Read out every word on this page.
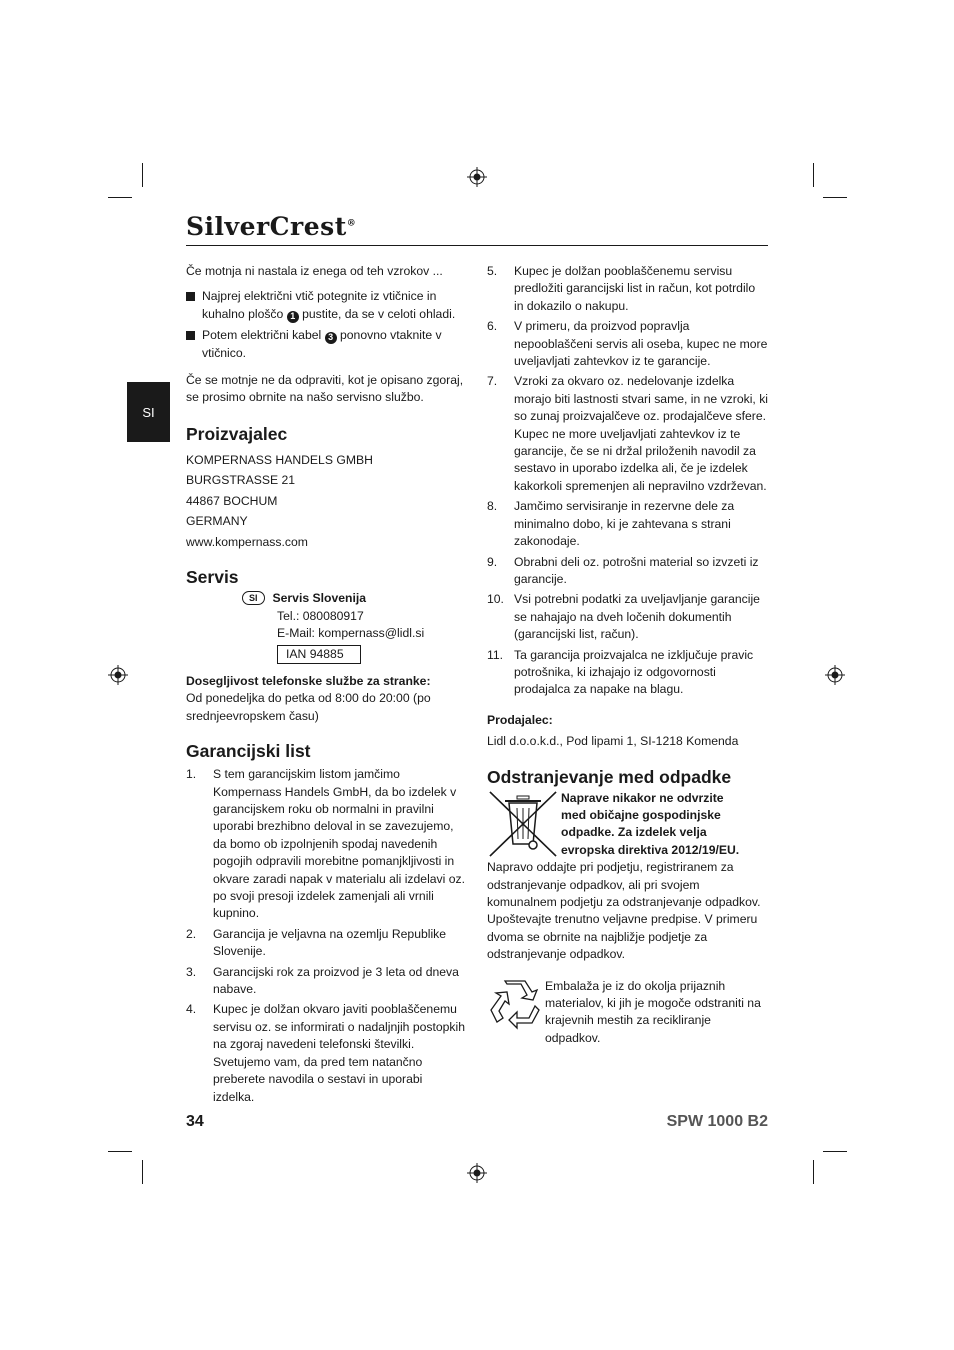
SilverCrest®
SI

Če motnja ni nastala iz enega od teh vzrokov ...

Najprej električni vtič potegnite iz vtičnice in kuhalno ploščo 1 pustite, da se v celoti ohladi.
Potem električni kabel 3 ponovno vtaknite v vtičnico.

Če se motnje ne da odpraviti, kot je opisano zgoraj, se prosimo obrnite na našo servisno službo.

Proizvajalec

KOMPERNASS HANDELS GMBH

BURGSTRASSE 21

44867 BOCHUM

GERMANY

www.kompernass.com

Servis

SI Servis Slovenija

Tel.: 080080917

E-Mail: kompernass@lidl.si

IAN 94885

Dosegljivost telefonske službe za stranke:

Od ponedeljka do petka od 8:00 do 20:00 (po srednjeevropskem času)

Garancijski list
1. S tem garancijskim listom jamčimo Kompernass Handels GmbH, da bo izdelek v garancijskem roku ob normalni in pravilni uporabi brezhibno deloval in se zavezujemo, da bomo ob izpolnjenih spodaj navedenih pogojih odpravili morebitne pomanjkljivosti in okvare zaradi napak v materialu ali izdelavi oz. po svoji presoji izdelek zamenjali ali vrnili kupnino.
2. Garancija je veljavna na ozemlju Republike Slovenije.
3. Garancijski rok za proizvod je 3 leta od dneva nabave.
4. Kupec je dolžan okvaro javiti pooblaščenemu servisu oz. se informirati o nadaljnjih postopkih na zgoraj navedeni telefonski številki. Svetujemo vam, da pred tem natančno preberete navodila o sestavi in uporabi izdelka.
5. Kupec je dolžan pooblaščenemu servisu predložiti garancijski list in račun, kot potrdilo in dokazilo o nakupu.
6. V primeru, da proizvod popravlja nepooblaščeni servis ali oseba, kupec ne more uveljavljati zahtevkov iz te garancije.
7. Vzroki za okvaro oz. nedelovanje izdelka morajo biti lastnosti stvari same, in ne vzroki, ki so zunaj proizvajalčeve oz. prodajalčeve sfere. Kupec ne more uveljavljati zahtevkov iz te garancije, če se ni držal priloženih navodil za sestavo in uporabo izdelka ali, če je izdelek kakorkoli spremenjen ali nepravilno vzdrževan.
8. Jamčimo servisiranje in rezervne dele za minimalno dobo, ki je zahtevana s strani zakonodaje.
9. Obrabni deli oz. potrošni material so izvzeti iz garancije.
10. Vsi potrebni podatki za uveljavljanje garancije se nahajajo na dveh ločenih dokumentih (garancijski list, račun).
11. Ta garancija proizvajalca ne izključuje pravic potrošnika, ki izhajajo iz odgovornosti prodajalca za napake na blagu.

Prodajalec:

Lidl d.o.o.k.d., Pod lipami 1, SI-1218 Komenda

Odstranjevanje med odpadke

Naprave nikakor ne odvrzite med običajne gospodinjske odpadke. Za izdelek velja evropska direktiva 2012/19/EU.

Napravo oddajte pri podjetju, registriranem za odstranjevanje odpadkov, ali pri svojem komunalnem podjetju za odstranjevanje odpadkov. Upoštevajte trenutno veljavne predpise. V primeru dvoma se obrnite na najbližje podjetje za odstranjevanje odpadkov.

Embalaža je iz do okolja prijaznih materialov, ki jih je mogoče odstraniti na krajevnih mestih za recikliranje odpadkov.

34	SPW 1000 B2
